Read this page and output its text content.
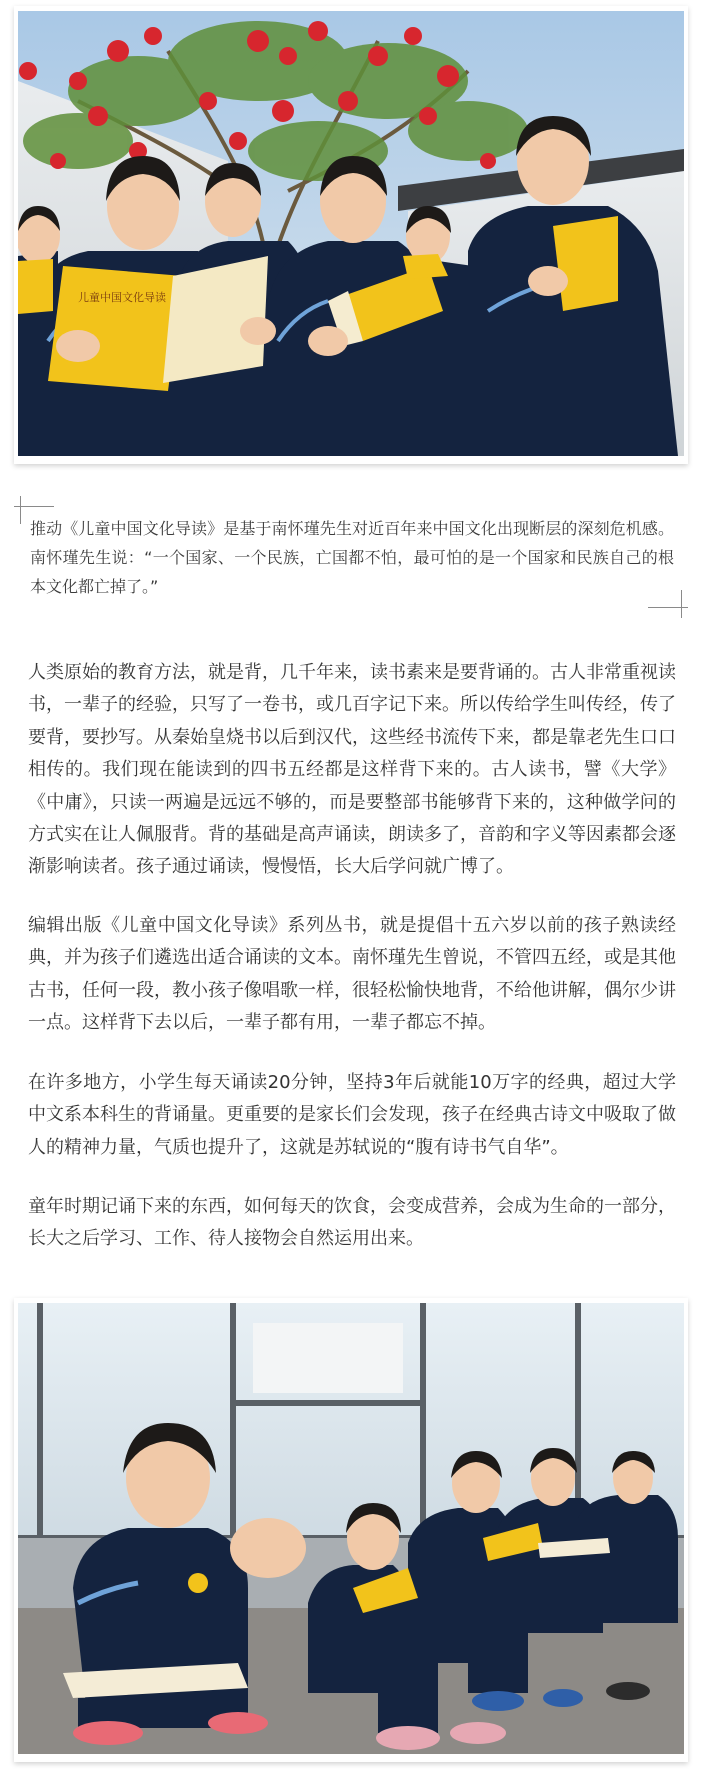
儿童中国文化导读

推动《儿童中国文化导读》是基于南怀瑾先生对近百年来中国文化出现断层的深刻危机感。南怀瑾先生说：“一个国家、一个民族，亡国都不怕，最可怕的是一个国家和民族自己的根本文化都亡掉了。”

人类原始的教育方法，就是背，几千年来，读书素来是要背诵的。古人非常重视读书，一辈子的经验，只写了一卷书，或几百字记下来。所以传给学生叫传经，传了要背，要抄写。从秦始皇烧书以后到汉代，这些经书流传下来，都是靠老先生口口相传的。我们现在能读到的四书五经都是这样背下来的。古人读书，譬《大学》《中庸》，只读一两遍是远远不够的，而是要整部书能够背下来的，这种做学问的方式实在让人佩服背。背的基础是高声诵读，朗读多了，音韵和字义等因素都会逐渐影响读者。孩子通过诵读，慢慢悟，长大后学问就广博了。

编辑出版《儿童中国文化导读》系列丛书，就是提倡十五六岁以前的孩子熟读经典，并为孩子们遴选出适合诵读的文本。南怀瑾先生曾说，不管四五经，或是其他古书，任何一段，教小孩子像唱歌一样，很轻松愉快地背，不给他讲解，偶尔少讲一点。这样背下去以后，一辈子都有用，一辈子都忘不掉。

在许多地方，小学生每天诵读20分钟，坚持3年后就能10万字的经典，超过大学中文系本科生的背诵量。更重要的是家长们会发现，孩子在经典古诗文中吸取了做人的精神力量，气质也提升了，这就是苏轼说的“腹有诗书气自华”。

童年时期记诵下来的东西，如何每天的饮食，会变成营养，会成为生命的一部分，长大之后学习、工作、待人接物会自然运用出来。
